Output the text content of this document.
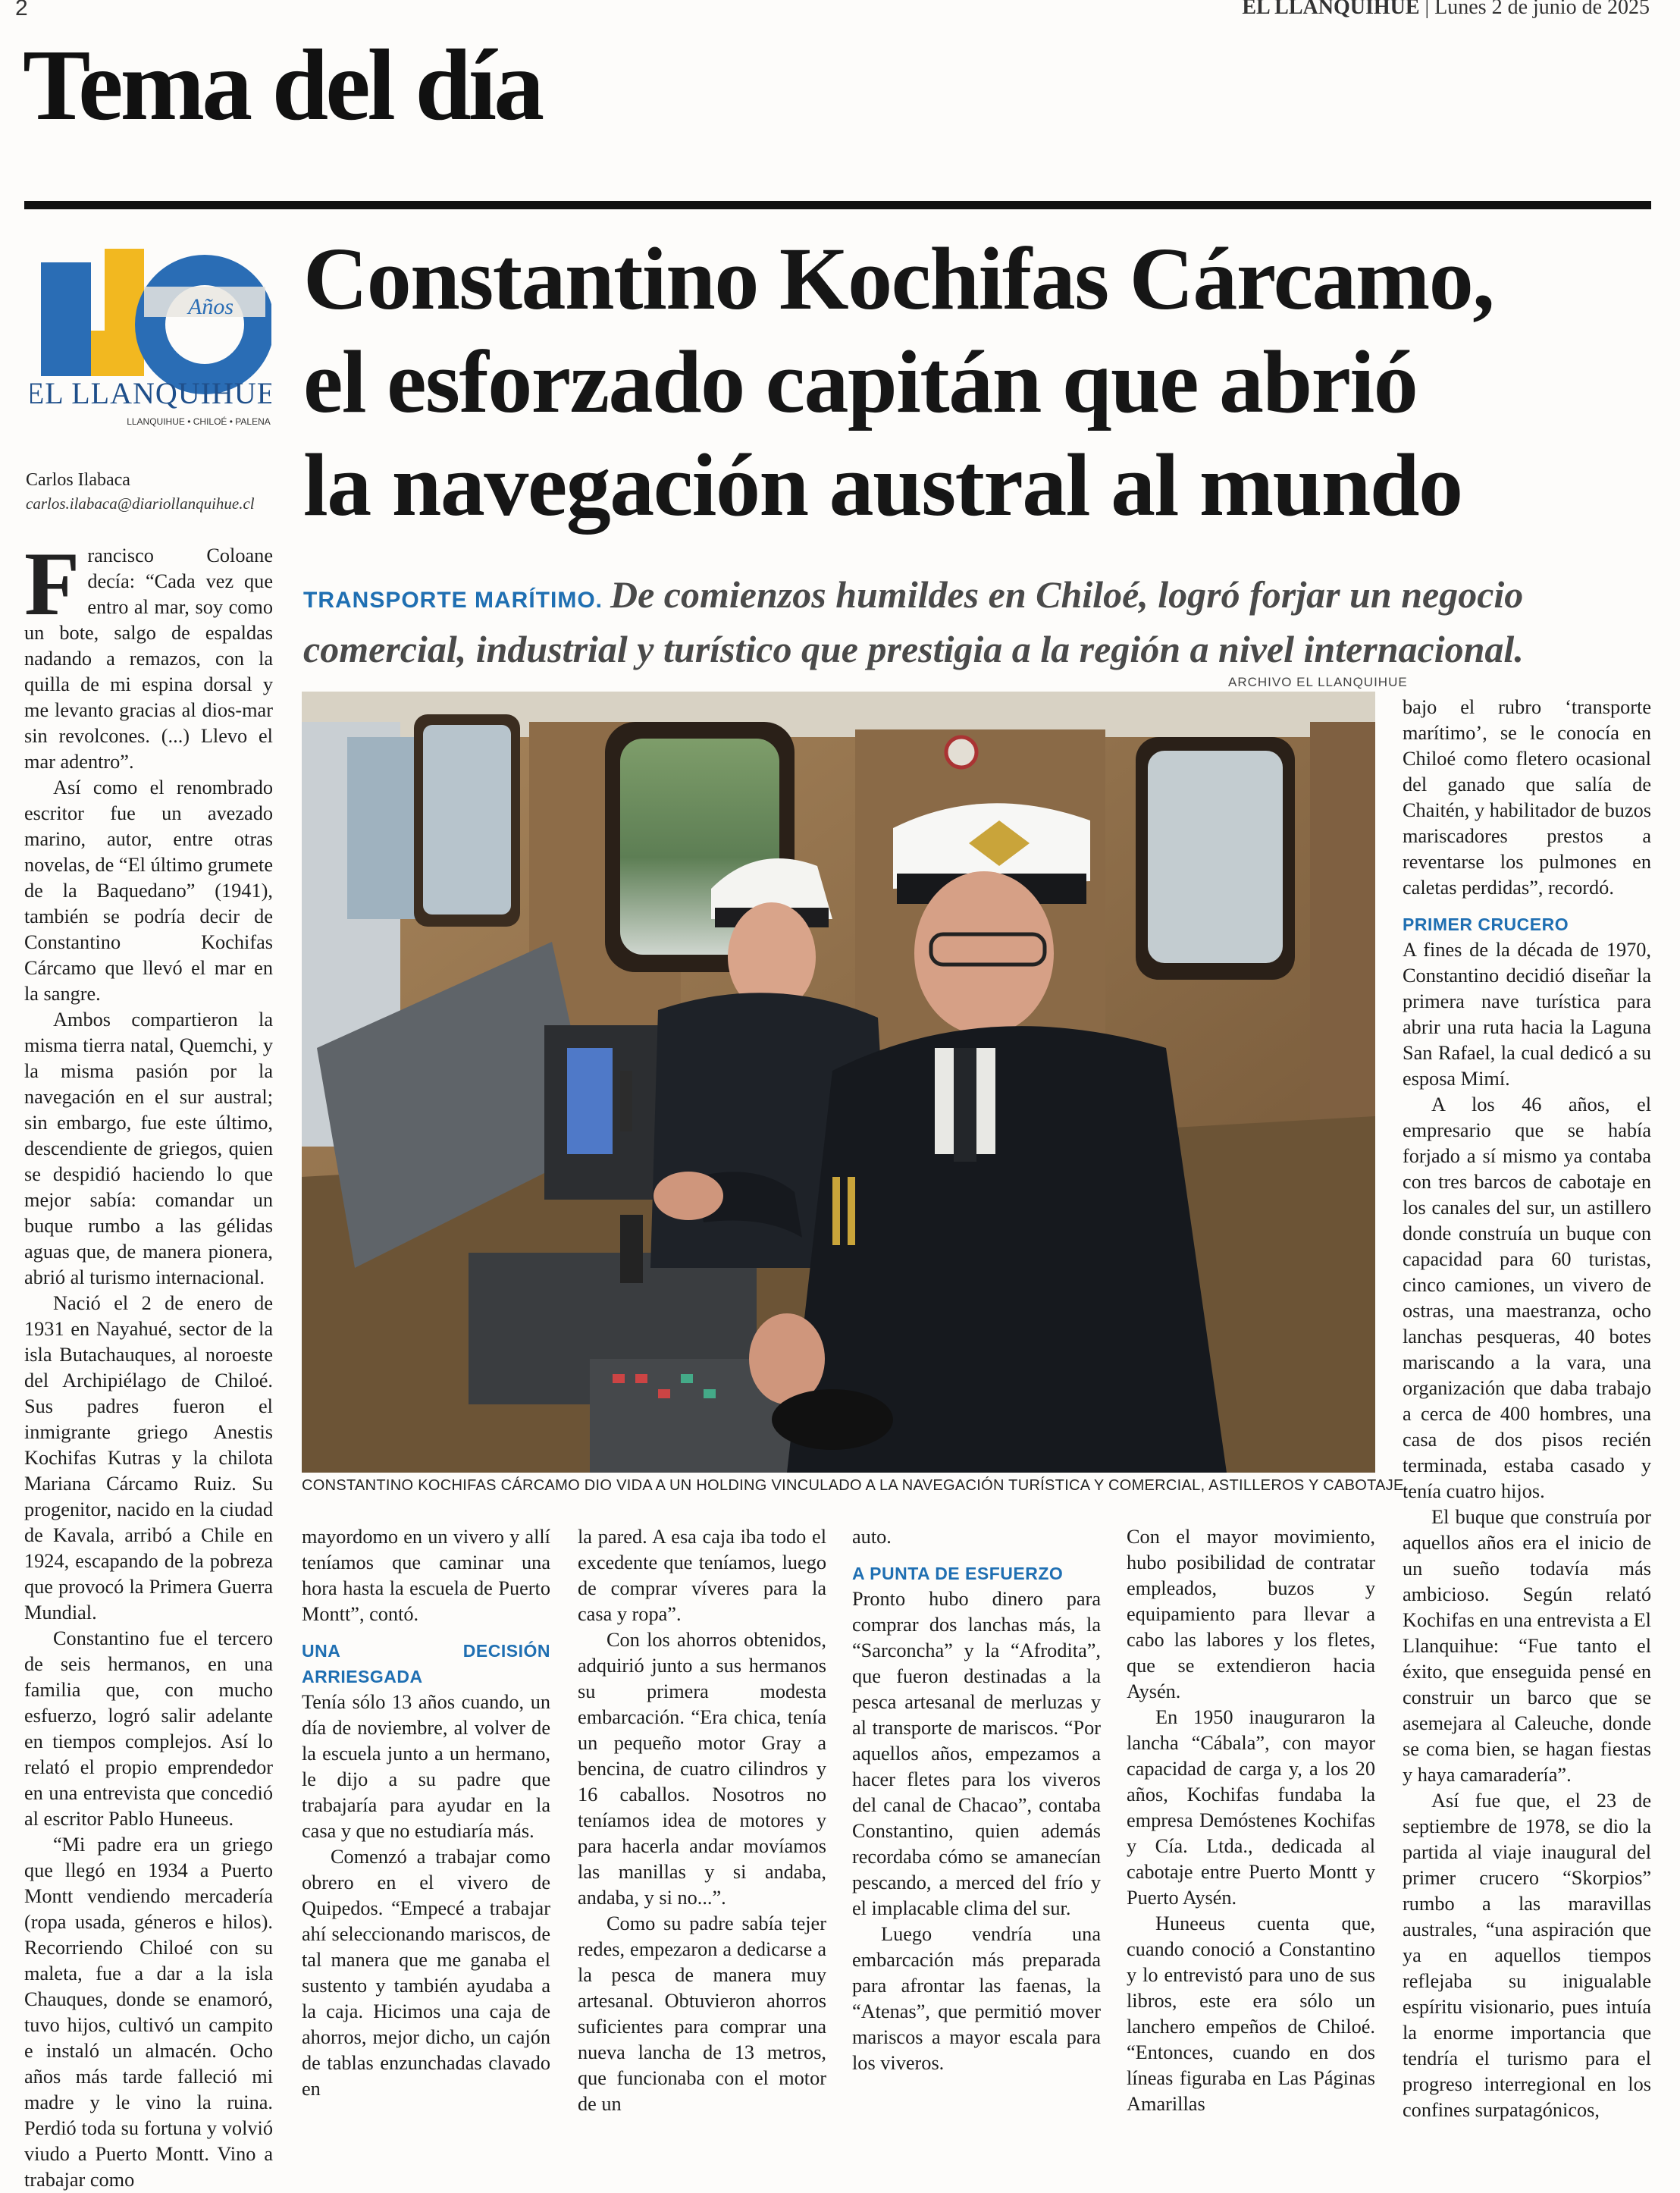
2	EL LLANQUIHUE | Lunes 2 de junio de 2025
Tema del día
Años
EL LLANQUIHUE
LLANQUIHUE • CHILOÉ • PALENA
Carlos Ilabaca
carlos.ilabaca@diariollanquihue.cl
Constantino Kochifas Cárcamo,
el esforzado capitán que abrió
la navegación austral al mundo
TRANSPORTE MARÍTIMO. De comienzos humildes en Chiloé, logró forjar un negocio comercial, industrial y turístico que prestigia a la región a nivel internacional.
ARCHIVO EL LLANQUIHUE
CONSTANTINO KOCHIFAS CÁRCAMO DIO VIDA A UN HOLDING VINCULADO A LA NAVEGACIÓN TURÍSTICA Y COMERCIAL, ASTILLEROS Y CABOTAJE.

Francisco Coloane decía: “Cada vez que entro al mar, soy como un bote, salgo de espaldas nadando a remazos, con la quilla de mi espina dorsal y me levanto gracias al dios-mar sin revolcones. (...) Llevo el mar adentro”.

Así como el renombrado escritor fue un avezado marino, autor, entre otras novelas, de “El último grumete de la Baquedano” (1941), también se podría decir de Constantino Kochifas Cárcamo que llevó el mar en la sangre.

Ambos compartieron la misma tierra natal, Quemchi, y la misma pasión por la navegación en el sur austral; sin embargo, fue este último, descendiente de griegos, quien se despidió haciendo lo que mejor sabía: comandar un buque rumbo a las gélidas aguas que, de manera pionera, abrió al turismo internacional.

Nació el 2 de enero de 1931 en Nayahué, sector de la isla Butachauques, al noroeste del Archipiélago de Chiloé. Sus padres fueron el inmigrante griego Anestis Kochifas Kutras y la chilota Mariana Cárcamo Ruiz. Su progenitor, nacido en la ciudad de Kavala, arribó a Chile en 1924, escapando de la pobreza que provocó la Primera Guerra Mundial.

Constantino fue el tercero de seis hermanos, en una familia que, con mucho esfuerzo, logró salir adelante en tiempos complejos. Así lo relató el propio emprendedor en una entrevista que concedió al escritor Pablo Huneeus.

“Mi padre era un griego que llegó en 1934 a Puerto Montt vendiendo mercadería (ropa usada, géneros e hilos). Recorriendo Chiloé con su maleta, fue a dar a la isla Chauques, donde se enamoró, tuvo hijos, cultivó un campito e instaló un almacén. Ocho años más tarde falleció mi madre y le vino la ruina. Perdió toda su fortuna y volvió viudo a Puerto Montt. Vino a trabajar como

mayordomo en un vivero y allí teníamos que caminar una hora hasta la escuela de Puerto Montt”, contó.

UNA DECISIÓN ARRIESGADA

Tenía sólo 13 años cuando, un día de noviembre, al volver de la escuela junto a un hermano, le dijo a su padre que trabajaría para ayudar en la casa y que no estudiaría más.

Comenzó a trabajar como obrero en el vivero de Quipedos. “Empecé a trabajar ahí seleccionando mariscos, de tal manera que me ganaba el sustento y también ayudaba a la caja. Hicimos una caja de ahorros, mejor dicho, un cajón de tablas enzunchadas clavado en

la pared. A esa caja iba todo el excedente que teníamos, luego de comprar víveres para la casa y ropa”.

Con los ahorros obtenidos, adquirió junto a sus hermanos su primera modesta embarcación. “Era chica, tenía un pequeño motor Gray a bencina, de cuatro cilindros y 16 caballos. Nosotros no teníamos idea de motores y para hacerla andar movíamos las manillas y si andaba, andaba, y si no...”.

Como su padre sabía tejer redes, empezaron a dedicarse a la pesca de manera muy artesanal. Obtuvieron ahorros suficientes para comprar una nueva lancha de 13 metros, que funcionaba con el motor de un

auto.

A PUNTA DE ESFUERZO

Pronto hubo dinero para comprar dos lanchas más, la “Sarconcha” y la “Afrodita”, que fueron destinadas a la pesca artesanal de merluzas y al transporte de mariscos. “Por aquellos años, empezamos a hacer fletes para los viveros del canal de Chacao”, contaba Constantino, quien además recordaba cómo se amanecían pescando, a merced del frío y el implacable clima del sur.

Luego vendría una embarcación más preparada para afrontar las faenas, la “Atenas”, que permitió mover mariscos a mayor escala para los viveros.

Con el mayor movimiento, hubo posibilidad de contratar empleados, buzos y equipamiento para llevar a cabo las labores y los fletes, que se extendieron hacia Aysén.

En 1950 inauguraron la lancha “Cábala”, con mayor capacidad de carga y, a los 20 años, Kochifas fundaba la empresa Demóstenes Kochifas y Cía. Ltda., dedicada al cabotaje entre Puerto Montt y Puerto Aysén.

Huneeus cuenta que, cuando conoció a Constantino y lo entrevistó para uno de sus libros, este era sólo un lanchero empeños de Chiloé. “Entonces, cuando en dos líneas figuraba en Las Páginas Amarillas

bajo el rubro ‘transporte marítimo’, se le conocía en Chiloé como fletero ocasional del ganado que salía de Chaitén, y habilitador de buzos mariscadores prestos a reventarse los pulmones en caletas perdidas”, recordó.

PRIMER CRUCERO

A fines de la década de 1970, Constantino decidió diseñar la primera nave turística para abrir una ruta hacia la Laguna San Rafael, la cual dedicó a su esposa Mimí.

A los 46 años, el empresario que se había forjado a sí mismo ya contaba con tres barcos de cabotaje en los canales del sur, un astillero donde construía un buque con capacidad para 60 turistas, cinco camiones, un vivero de ostras, una maestranza, ocho lanchas pesqueras, 40 botes mariscando a la vara, una organización que daba trabajo a cerca de 400 hombres, una casa de dos pisos recién terminada, estaba casado y tenía cuatro hijos.

El buque que construía por aquellos años era el inicio de un sueño todavía más ambicioso. Según relató Kochifas en una entrevista a El Llanquihue: “Fue tanto el éxito, que enseguida pensé en construir un barco que se asemejara al Caleuche, donde se coma bien, se hagan fiestas y haya camaradería”.

Así fue que, el 23 de septiembre de 1978, se dio la partida al viaje inaugural del primer crucero “Skorpios” rumbo a las maravillas australes, “una aspiración que ya en aquellos tiempos reflejaba su inigualable espíritu visionario, pues intuía la enorme importancia que tendría el turismo para el progreso interregional en los confines surpatagónicos,
